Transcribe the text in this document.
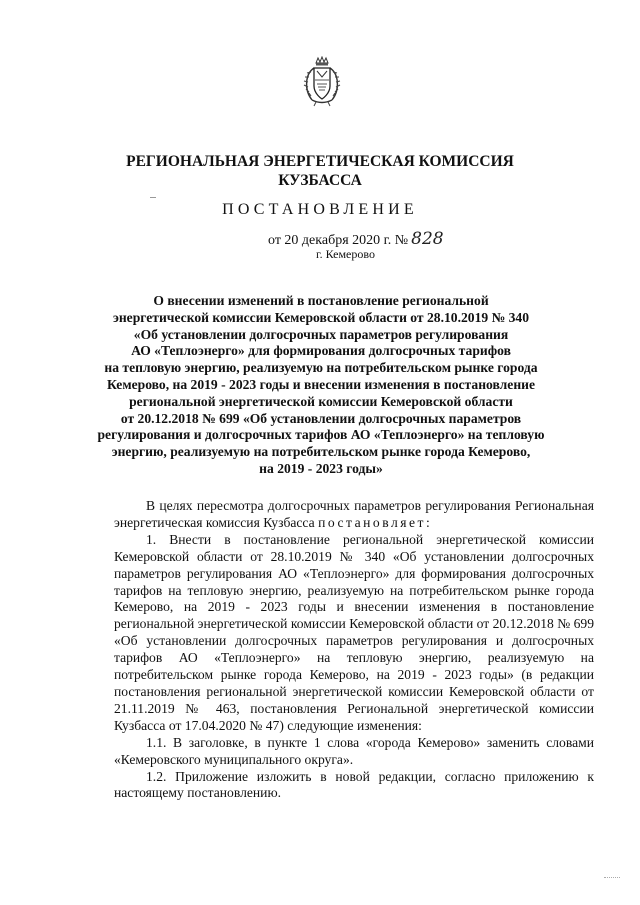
РЕГИОНАЛЬНАЯ ЭНЕРГЕТИЧЕСКАЯ КОМИССИЯ
КУЗБАССА
ПОСТАНОВЛЕНИЕ
от 20 декабря 2020 г. № 828
г. Кемерово
О внесении изменений в постановление региональной
энергетической комиссии Кемеровской области от 28.10.2019 № 340
«Об установлении долгосрочных параметров регулирования
АО «Теплоэнерго» для формирования долгосрочных тарифов
на тепловую энергию, реализуемую на потребительском рынке города
Кемерово, на 2019 - 2023 годы и внесении изменения в постановление
региональной энергетической комиссии Кемеровской области
от 20.12.2018 № 699 «Об установлении долгосрочных параметров
регулирования и долгосрочных тарифов АО «Теплоэнерго» на тепловую
энергию, реализуемую на потребительском рынке города Кемерово,
на 2019 - 2023 годы»

В целях пересмотра долгосрочных параметров регулирования Региональная энергетическая комиссия Кузбасса постановляет:

1. Внести в постановление региональной энергетической комиссии Кемеровской области от 28.10.2019 № 340 «Об установлении долгосрочных параметров регулирования АО «Теплоэнерго» для формирования долгосрочных тарифов на тепловую энергию, реализуемую на потребительском рынке города Кемерово, на 2019 - 2023 годы и внесении изменения в постановление региональной энергетической комиссии Кемеровской области от 20.12.2018 № 699 «Об установлении долгосрочных параметров регулирования и долгосрочных тарифов АО «Теплоэнерго» на тепловую энергию, реализуемую на потребительском рынке города Кемерово, на 2019 - 2023 годы» (в редакции постановления региональной энергетической комиссии Кемеровской области от 21.11.2019 № 463, постановления Региональной энергетической комиссии Кузбасса от 17.04.2020 № 47) следующие изменения:

1.1. В заголовке, в пункте 1 слова «города Кемерово» заменить словами «Кемеровского муниципального округа».

1.2. Приложение изложить в новой редакции, согласно приложению к настоящему постановлению.
